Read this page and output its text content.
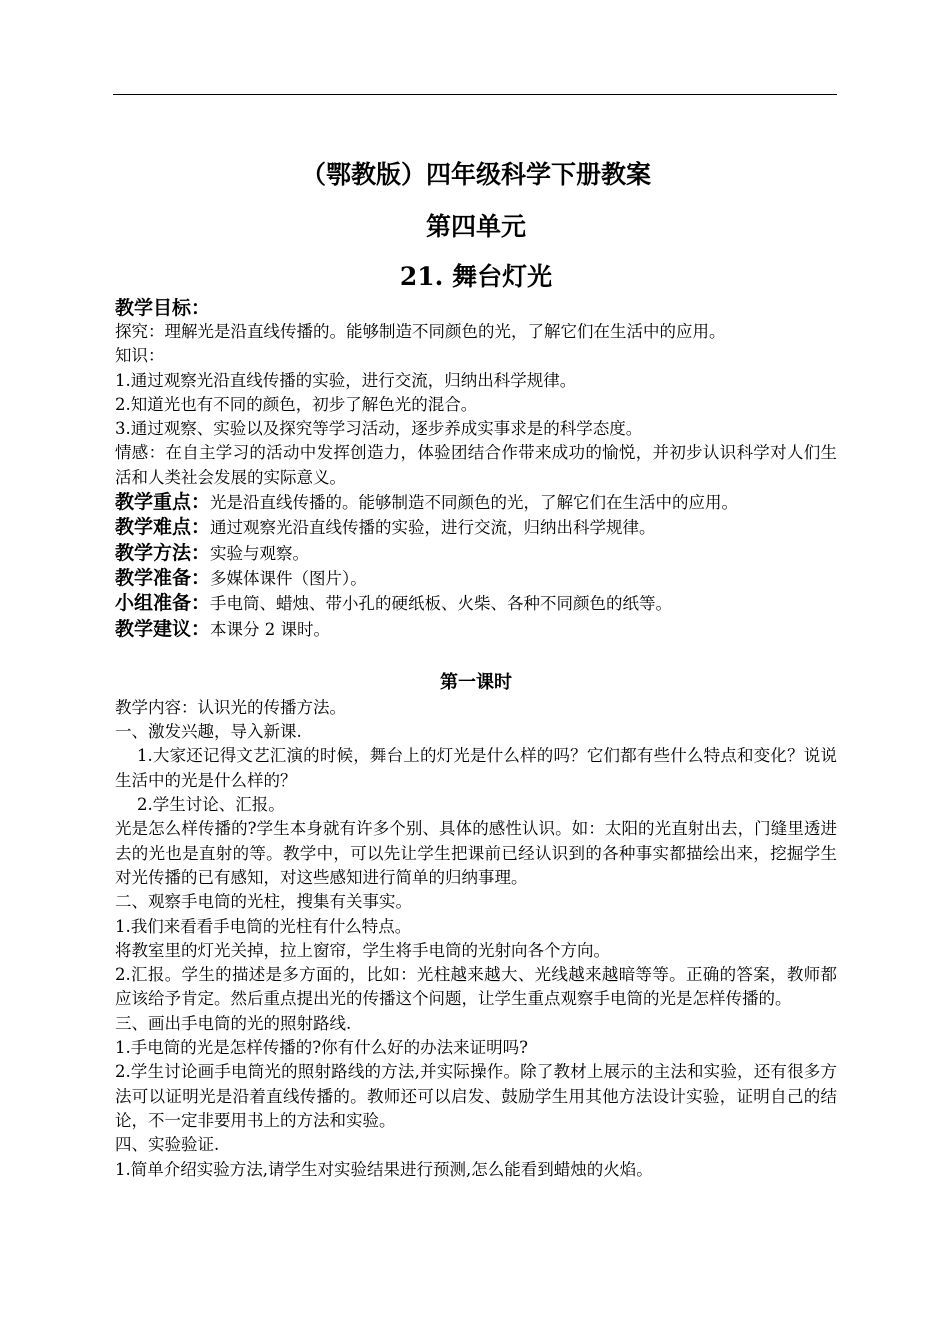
（鄂教版）四年级科学下册教案
第四单元
21. 舞台灯光

教学目标：

探究：理解光是沿直线传播的。能够制造不同颜色的光，了解它们在生活中的应用。

知识：

1.通过观察光沿直线传播的实验，进行交流，归纳出科学规律。

2.知道光也有不同的颜色，初步了解色光的混合。

3.通过观察、实验以及探究等学习活动，逐步养成实事求是的科学态度。

情感：在自主学习的活动中发挥创造力，体验团结合作带来成功的愉悦，并初步认识科学对人们生活和人类社会发展的实际意义。

教学重点：光是沿直线传播的。能够制造不同颜色的光，了解它们在生活中的应用。

教学难点：通过观察光沿直线传播的实验，进行交流，归纳出科学规律。

教学方法：实验与观察。

教学准备：多媒体课件（图片）。

小组准备：手电筒、蜡烛、带小孔的硬纸板、火柴、各种不同颜色的纸等。

教学建议：本课分 2 课时。

第一课时

教学内容：认识光的传播方法。

一、激发兴趣，导入新课.

1.大家还记得文艺汇演的时候，舞台上的灯光是什么样的吗？它们都有些什么特点和变化？说说生活中的光是什么样的？

2.学生讨论、汇报。

光是怎么样传播的?学生本身就有许多个别、具体的感性认识。如：太阳的光直射出去，门缝里透进去的光也是直射的等。教学中，可以先让学生把课前已经认识到的各种事实都描绘出来，挖掘学生对光传播的已有感知，对这些感知进行简单的归纳事理。

二、观察手电筒的光柱，搜集有关事实。

1.我们来看看手电筒的光柱有什么特点。

将教室里的灯光关掉，拉上窗帘，学生将手电筒的光射向各个方向。

2.汇报。学生的描述是多方面的，比如：光柱越来越大、光线越来越暗等等。正确的答案，教师都应该给予肯定。然后重点提出光的传播这个问题，让学生重点观察手电筒的光是怎样传播的。

三、画出手电筒的光的照射路线.

1.手电筒的光是怎样传播的?你有什么好的办法来证明吗?

2.学生讨论画手电筒光的照射路线的方法,并实际操作。除了教材上展示的主法和实验，还有很多方法可以证明光是沿着直线传播的。教师还可以启发、鼓励学生用其他方法设计实验，证明自己的结论，不一定非要用书上的方法和实验。

四、实验验证.

1.简单介绍实验方法,请学生对实验结果进行预测,怎么能看到蜡烛的火焰。
